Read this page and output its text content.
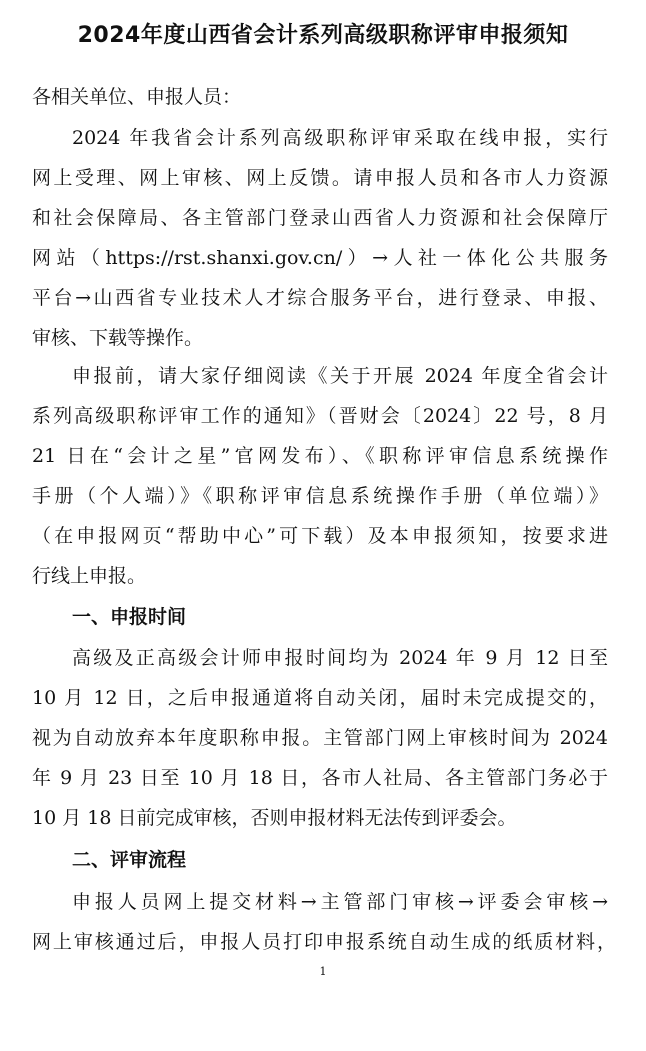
2024年度山西省会计系列高级职称评审申报须知
各相关单位、申报人员：
2024 年我省会计系列高级职称评审采取在线申报，实行
网上受理、网上审核、网上反馈。请申报人员和各市人力资源
和社会保障局、各主管部门登录山西省人力资源和社会保障厅
网站（https://rst.shanxi.gov.cn/）→人社一体化公共服务
平台→山西省专业技术人才综合服务平台，进行登录、申报、
审核、下载等操作。
申报前，请大家仔细阅读《关于开展 2024 年度全省会计
系列高级职称评审工作的通知》（晋财会〔2024〕22 号，8 月
21 日在“会计之星”官网发布）、《职称评审信息系统操作
手册（个人端）》《职称评审信息系统操作手册（单位端）》
（在申报网页“帮助中心”可下载）及本申报须知，按要求进
行线上申报。
一、申报时间
高级及正高级会计师申报时间均为 2024 年 9 月 12 日至
10 月 12 日，之后申报通道将自动关闭，届时未完成提交的，
视为自动放弃本年度职称申报。主管部门网上审核时间为 2024
年 9 月 23 日至 10 月 18 日，各市人社局、各主管部门务必于
10 月 18 日前完成审核，否则申报材料无法传到评委会。
二、评审流程
申报人员网上提交材料→主管部门审核→评委会审核→
网上审核通过后，申报人员打印申报系统自动生成的纸质材料，
1
